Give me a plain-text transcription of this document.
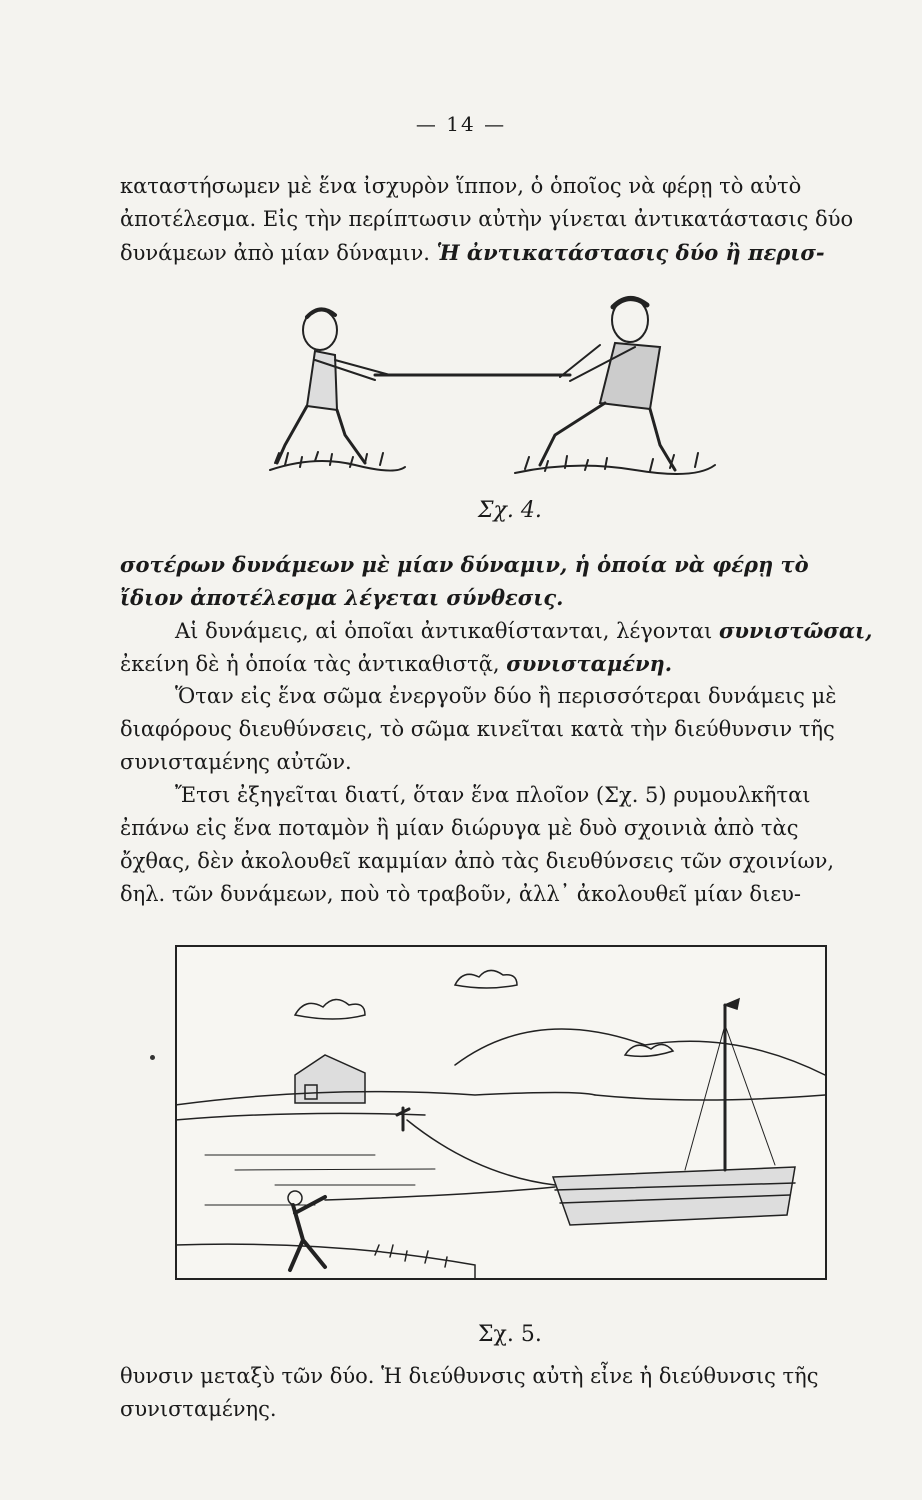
— 14 —
καταστήσωμεν μὲ ἕνα ἰσχυρὸν ἵππον, ὁ ὁποῖος νὰ φέρῃ τὸ αὐτὸ
ἀποτέλεσμα. Εἰς τὴν περίπτωσιν αὐτὴν γίνεται ἀντικατάστασις δύο
δυνάμεων ἀπὸ μίαν δύναμιν. Ἡ ἀντικατάστασις δύο ἢ περισ-
Σχ. 4.
σοτέρων δυνάμεων μὲ μίαν δύναμιν, ἡ ὁποία νὰ φέρῃ τὸ
ἴδιον ἀποτέλεσμα λέγεται σύνθεσις.
Αἱ δυνάμεις, αἱ ὁποῖαι ἀντικαθίστανται, λέγονται συνιστῶσαι,
ἐκείνη δὲ ἡ ὁποία τὰς ἀντικαθιστᾷ, συνισταμένη.
Ὅταν εἰς ἕνα σῶμα ἐνεργοῦν δύο ἢ περισσότεραι δυνάμεις μὲ
διαφόρους διευθύνσεις, τὸ σῶμα κινεῖται κατὰ τὴν διεύθυνσιν τῆς
συνισταμένης αὐτῶν.
Ἔτσι ἐξηγεῖται διατί, ὅταν ἕνα πλοῖον (Σχ. 5) ρυμουλκῆται
ἐπάνω εἰς ἕνα ποταμὸν ἢ μίαν διώρυγα μὲ δυὸ σχοινιὰ ἀπὸ τὰς
ὄχθας, δὲν ἀκολουθεῖ καμμίαν ἀπὸ τὰς διευθύνσεις τῶν σχοινίων,
δηλ. τῶν δυνάμεων, ποὺ τὸ τραβοῦν, ἀλλ᾽ ἀκολουθεῖ μίαν διευ-
Σχ. 5.
θυνσιν μεταξὺ τῶν δύο. Ἡ διεύθυνσις αὐτὴ εἶνε ἡ διεύθυνσις τῆς
συνισταμένης.
